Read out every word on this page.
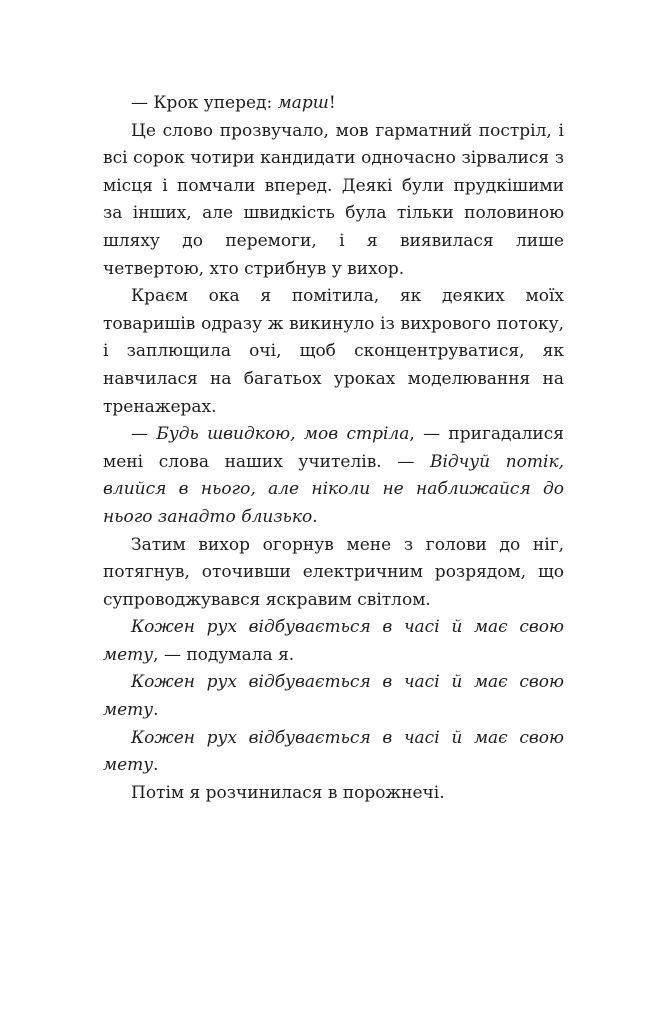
— Крок уперед: марш!

Це слово прозвучало, мов гарматний постріл, і всі сорок чотири кандидати одночасно зірвалися з місця і помчали вперед. Деякі були прудкішими за інших, але швидкість була тільки половиною шляху до перемоги, і я виявилася лише четвертою, хто стрибнув у вихор.

Краєм ока я помітила, як деяких моїх товаришів одразу ж викинуло із вихрового потоку, і заплющила очі, щоб сконцентруватися, як навчилася на багатьох уроках моделювання на тренажерах.

— Будь швидкою, мов стріла, — пригадалися мені слова наших учителів. — Відчуй потік, влийся в нього, але ніколи не наближайся до нього занадто близько.

Затим вихор огорнув мене з голови до ніг, потягнув, оточивши електричним розрядом, що супроводжувався яскравим світлом.

Кожен рух відбувається в часі й має свою мету, — подумала я.

Кожен рух відбувається в часі й має свою мету.

Кожен рух відбувається в часі й має свою мету.

Потім я розчинилася в порожнечі.
